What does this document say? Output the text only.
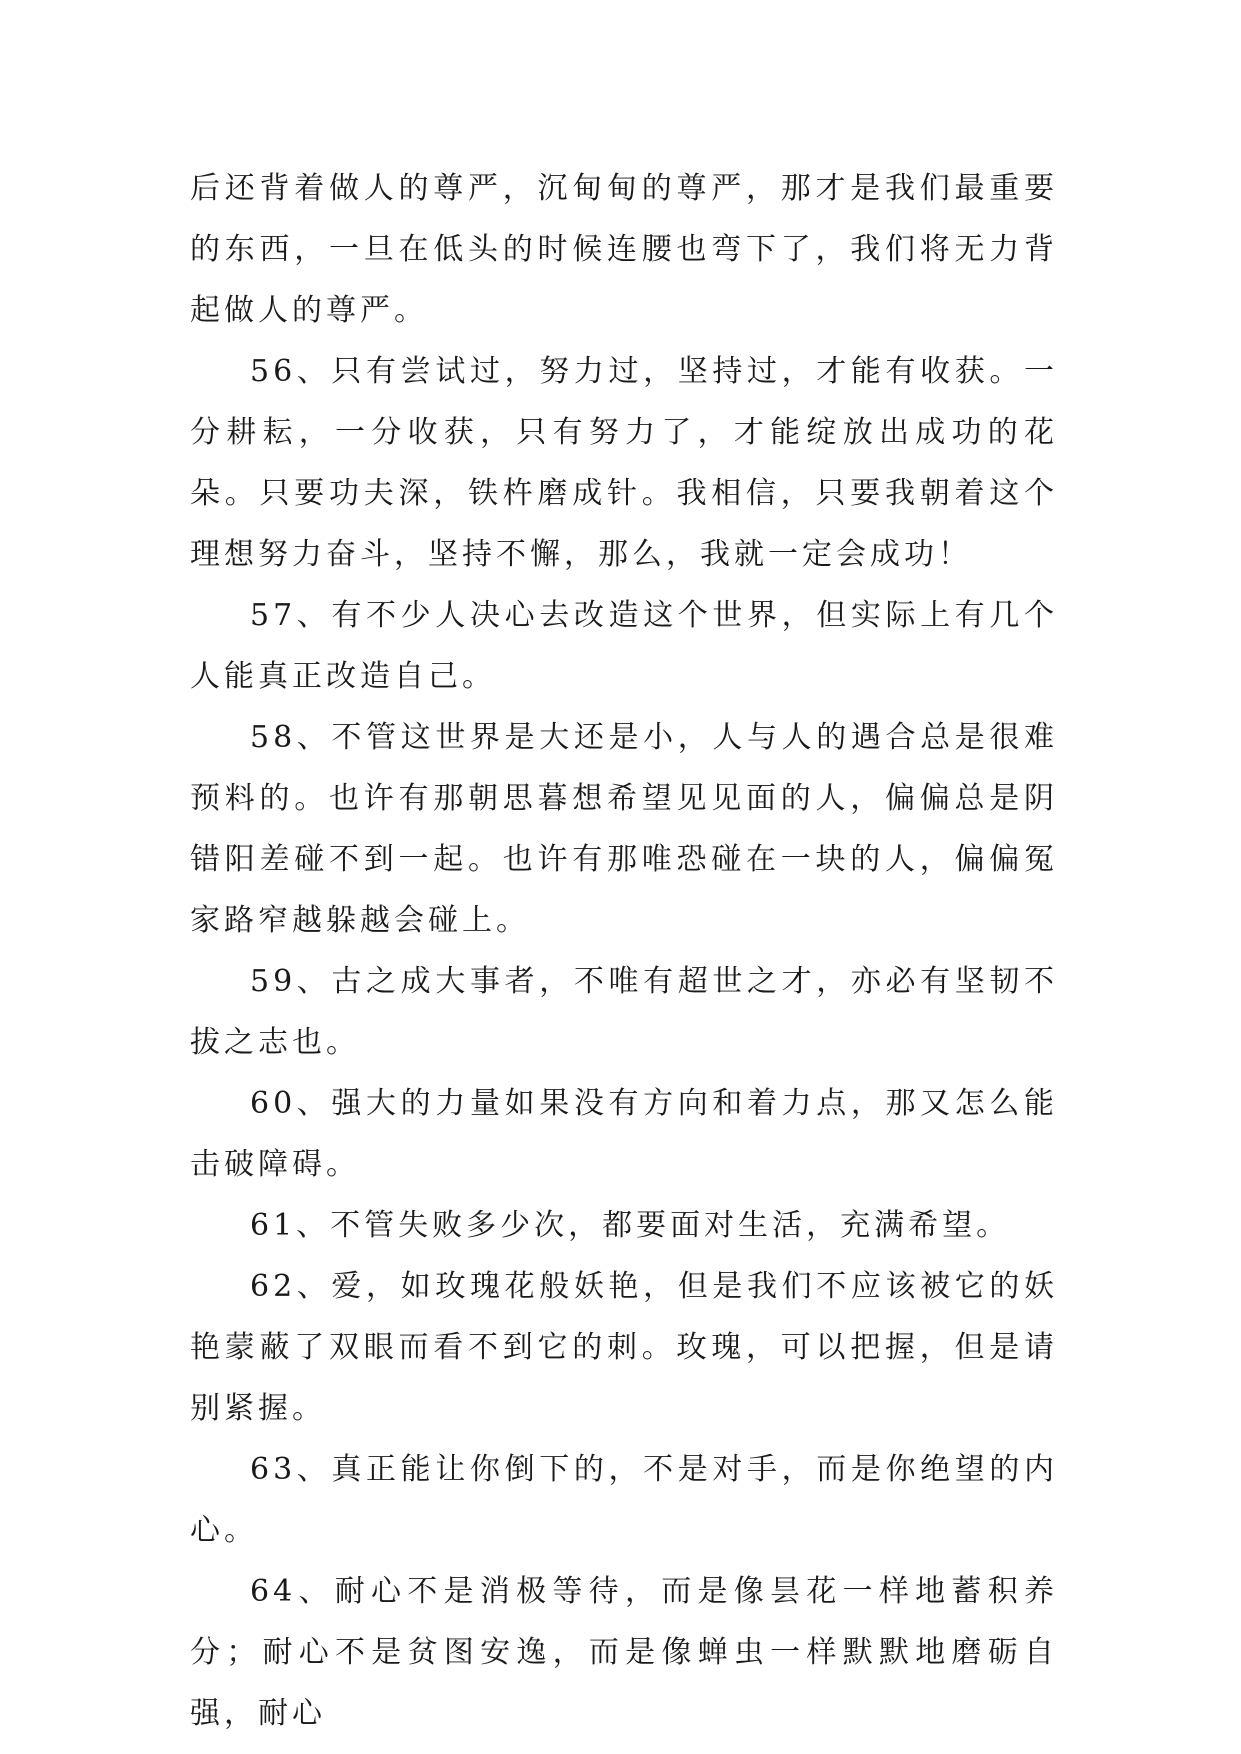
后还背着做人的尊严，沉甸甸的尊严，那才是我们最重要的东西，一旦在低头的时候连腰也弯下了，我们将无力背起做人的尊严。

56、只有尝试过，努力过，坚持过，才能有收获。一分耕耘，一分收获，只有努力了，才能绽放出成功的花朵。只要功夫深，铁杵磨成针。我相信，只要我朝着这个理想努力奋斗，坚持不懈，那么，我就一定会成功！

57、有不少人决心去改造这个世界，但实际上有几个人能真正改造自己。

58、不管这世界是大还是小，人与人的遇合总是很难预料的。也许有那朝思暮想希望见见面的人，偏偏总是阴错阳差碰不到一起。也许有那唯恐碰在一块的人，偏偏冤家路窄越躲越会碰上。

59、古之成大事者，不唯有超世之才，亦必有坚韧不拔之志也。

60、强大的力量如果没有方向和着力点，那又怎么能击破障碍。

61、不管失败多少次，都要面对生活，充满希望。

62、爱，如玫瑰花般妖艳，但是我们不应该被它的妖艳蒙蔽了双眼而看不到它的刺。玫瑰，可以把握，但是请别紧握。

63、真正能让你倒下的，不是对手，而是你绝望的内心。

64、耐心不是消极等待，而是像昙花一样地蓄积养分；耐心不是贫图安逸，而是像蝉虫一样默默地磨砺自强，耐心
